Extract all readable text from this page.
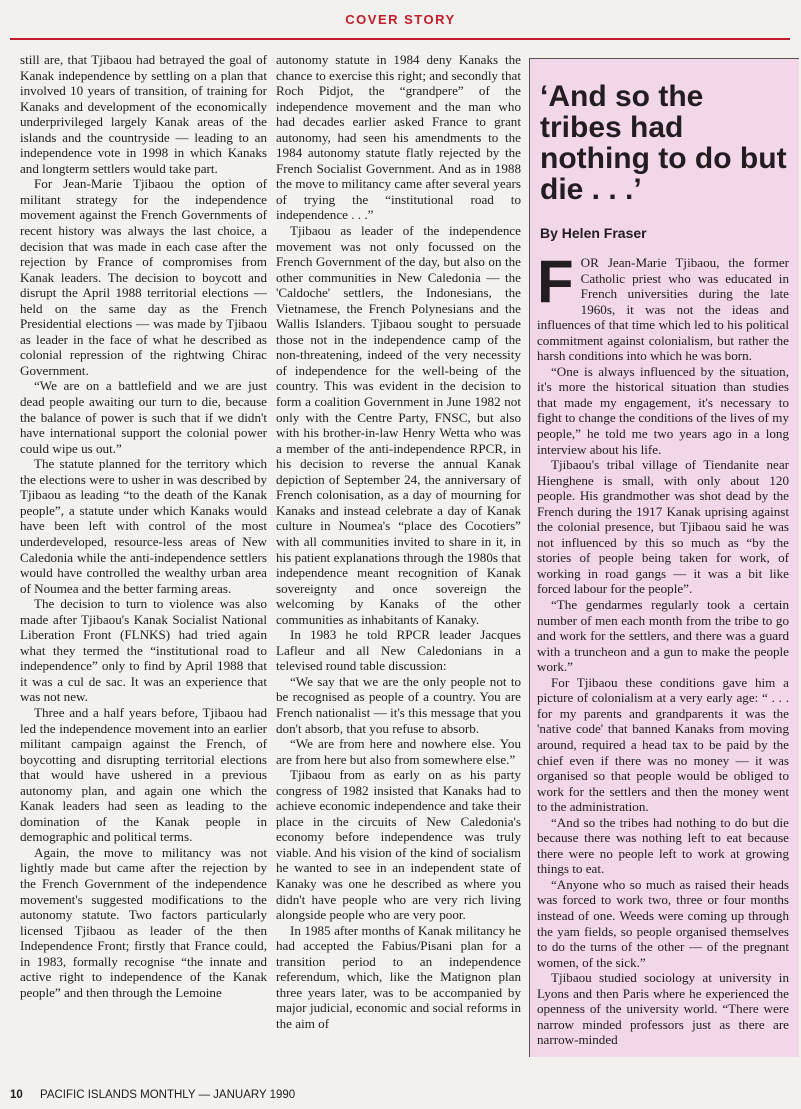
COVER STORY

still are, that Tjibaou had betrayed the goal of Kanak independence by settling on a plan that involved 10 years of transition, of training for Kanaks and development of the economically underprivileged largely Kanak areas of the islands and the countryside — leading to an independence vote in 1998 in which Kanaks and longterm settlers would take part.

For Jean-Marie Tjibaou the option of militant strategy for the independence movement against the French Governments of recent history was always the last choice, a decision that was made in each case after the rejection by France of compromises from Kanak leaders. The decision to boycott and disrupt the April 1988 territorial elections — held on the same day as the French Presidential elections — was made by Tjibaou as leader in the face of what he described as colonial repression of the rightwing Chirac Government.

“We are on a battlefield and we are just dead people awaiting our turn to die, because the balance of power is such that if we didn't have international support the colonial power could wipe us out.”

The statute planned for the territory which the elections were to usher in was described by Tjibaou as leading “to the death of the Kanak people”, a statute under which Kanaks would have been left with control of the most underdeveloped, resource-less areas of New Caledonia while the anti-independence settlers would have controlled the wealthy urban area of Noumea and the better farming areas.

The decision to turn to violence was also made after Tjibaou's Kanak Socialist National Liberation Front (FLNKS) had tried again what they termed the “institutional road to independence” only to find by April 1988 that it was a cul de sac. It was an experience that was not new.

Three and a half years before, Tjibaou had led the independence movement into an earlier militant campaign against the French, of boycotting and disrupting territorial elections that would have ushered in a previous autonomy plan, and again one which the Kanak leaders had seen as leading to the domination of the Kanak people in demographic and political terms.

Again, the move to militancy was not lightly made but came after the rejection by the French Government of the independence movement's suggested modifications to the autonomy statute. Two factors particularly licensed Tjibaou as leader of the then Independence Front; firstly that France could, in 1983, formally recognise “the innate and active right to independence of the Kanak people” and then through the Lemoine

autonomy statute in 1984 deny Kanaks the chance to exercise this right; and secondly that Roch Pidjot, the “grandpere” of the independence movement and the man who had decades earlier asked France to grant autonomy, had seen his amendments to the 1984 autonomy statute flatly rejected by the French Socialist Government. And as in 1988 the move to militancy came after several years of trying the “institutional road to independence . . .”

Tjibaou as leader of the independence movement was not only focussed on the French Government of the day, but also on the other communities in New Caledonia — the 'Caldoche' settlers, the Indonesians, the Vietnamese, the French Polynesians and the Wallis Islanders. Tjibaou sought to persuade those not in the independence camp of the non-threatening, indeed of the very necessity of independence for the well-being of the country. This was evident in the decision to form a coalition Government in June 1982 not only with the Centre Party, FNSC, but also with his brother-in-law Henry Wetta who was a member of the anti-independence RPCR, in his decision to reverse the annual Kanak depiction of September 24, the anniversary of French colonisation, as a day of mourning for Kanaks and instead celebrate a day of Kanak culture in Noumea's “place des Cocotiers” with all communities invited to share in it, in his patient explanations through the 1980s that independence meant recognition of Kanak sovereignty and once sovereign the welcoming by Kanaks of the other communities as inhabitants of Kanaky.

In 1983 he told RPCR leader Jacques Lafleur and all New Caledonians in a televised round table discussion:

“We say that we are the only people not to be recognised as people of a country. You are French nationalist — it's this message that you don't absorb, that you refuse to absorb.

“We are from here and nowhere else. You are from here but also from somewhere else.”

Tjibaou from as early on as his party congress of 1982 insisted that Kanaks had to achieve economic independence and take their place in the circuits of New Caledonia's economy before independence was truly viable. And his vision of the kind of socialism he wanted to see in an independent state of Kanaky was one he described as where you didn't have people who are very rich living alongside people who are very poor.

In 1985 after months of Kanak militancy he had accepted the Fabius/Pisani plan for a transition period to an independence referendum, which, like the Matignon plan three years later, was to be accompanied by major judicial, economic and social reforms in the aim of

‘And so the tribes had nothing to do but die . . .’
By Helen Fraser

FOR Jean-Marie Tjibaou, the former Catholic priest who was educated in French universities during the late 1960s, it was not the ideas and influences of that time which led to his political commitment against colonialism, but rather the harsh conditions into which he was born.

“One is always influenced by the situation, it's more the historical situation than studies that made my engagement, it's necessary to fight to change the conditions of the lives of my people,” he told me two years ago in a long interview about his life.

Tjibaou's tribal village of Tiendanite near Hienghene is small, with only about 120 people. His grandmother was shot dead by the French during the 1917 Kanak uprising against the colonial presence, but Tjibaou said he was not influenced by this so much as “by the stories of people being taken for work, of working in road gangs — it was a bit like forced labour for the people”.

“The gendarmes regularly took a certain number of men each month from the tribe to go and work for the settlers, and there was a guard with a truncheon and a gun to make the people work.”

For Tjibaou these conditions gave him a picture of colonialism at a very early age: “ . . . for my parents and grandparents it was the 'native code' that banned Kanaks from moving around, required a head tax to be paid by the chief even if there was no money — it was organised so that people would be obliged to work for the settlers and then the money went to the administration.

“And so the tribes had nothing to do but die because there was nothing left to eat because there were no people left to work at growing things to eat.

“Anyone who so much as raised their heads was forced to work two, three or four months instead of one. Weeds were coming up through the yam fields, so people organised themselves to do the turns of the other — of the pregnant women, of the sick.”

Tjibaou studied sociology at university in Lyons and then Paris where he experienced the openness of the university world. “There were narrow minded professors just as there are narrow-minded

10 PACIFIC ISLANDS MONTHLY — JANUARY 1990
